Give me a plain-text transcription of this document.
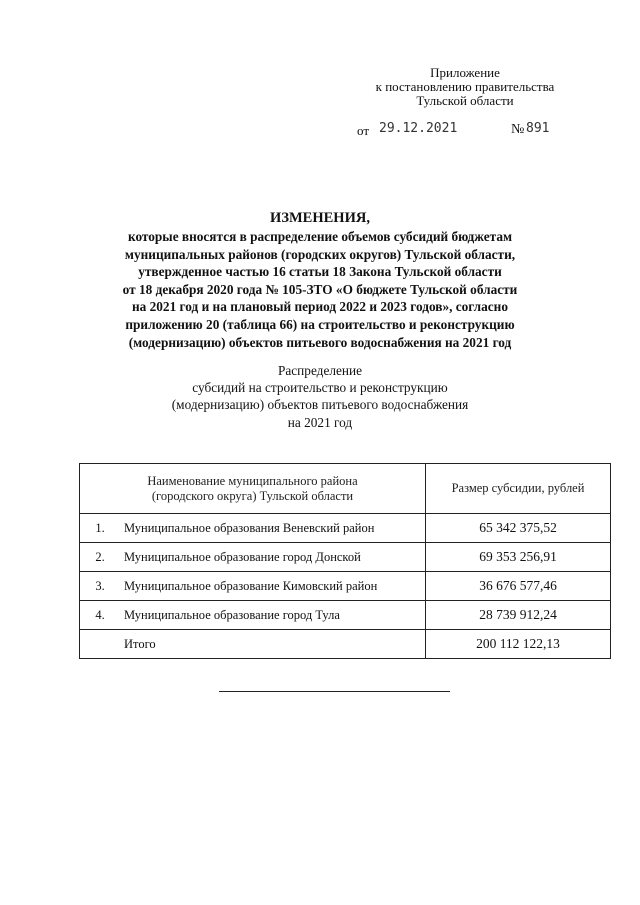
Приложение
к постановлению правительства
Тульской области
от 29.12.2021	№ 891
ИЗМЕНЕНИЯ,
которые вносятся в распределение объемов субсидий бюджетам
муниципальных районов (городских округов) Тульской области,
утвержденное частью 16 статьи 18 Закона Тульской области
от 18 декабря 2020 года № 105-ЗТО «О бюджете Тульской области
на 2021 год и на плановый период 2022 и 2023 годов», согласно
приложению 20 (таблица 66) на строительство и реконструкцию
(модернизацию) объектов питьевого водоснабжения на 2021 год
Распределение
субсидий на строительство и реконструкцию
(модернизацию) объектов питьевого водоснабжения
на 2021 год
Наименование муниципального района
(городского округа) Тульской области		Размер субсидии, рублей
1.	Муниципальное образования Веневский район	65 342 375,52
2.	Муниципальное образование город Донской	69 353 256,91
3.	Муниципальное образование Кимовский район	36 676 577,46
4.	Муниципальное образование город Тула	28 739 912,24
	Итого	200 112 122,13
